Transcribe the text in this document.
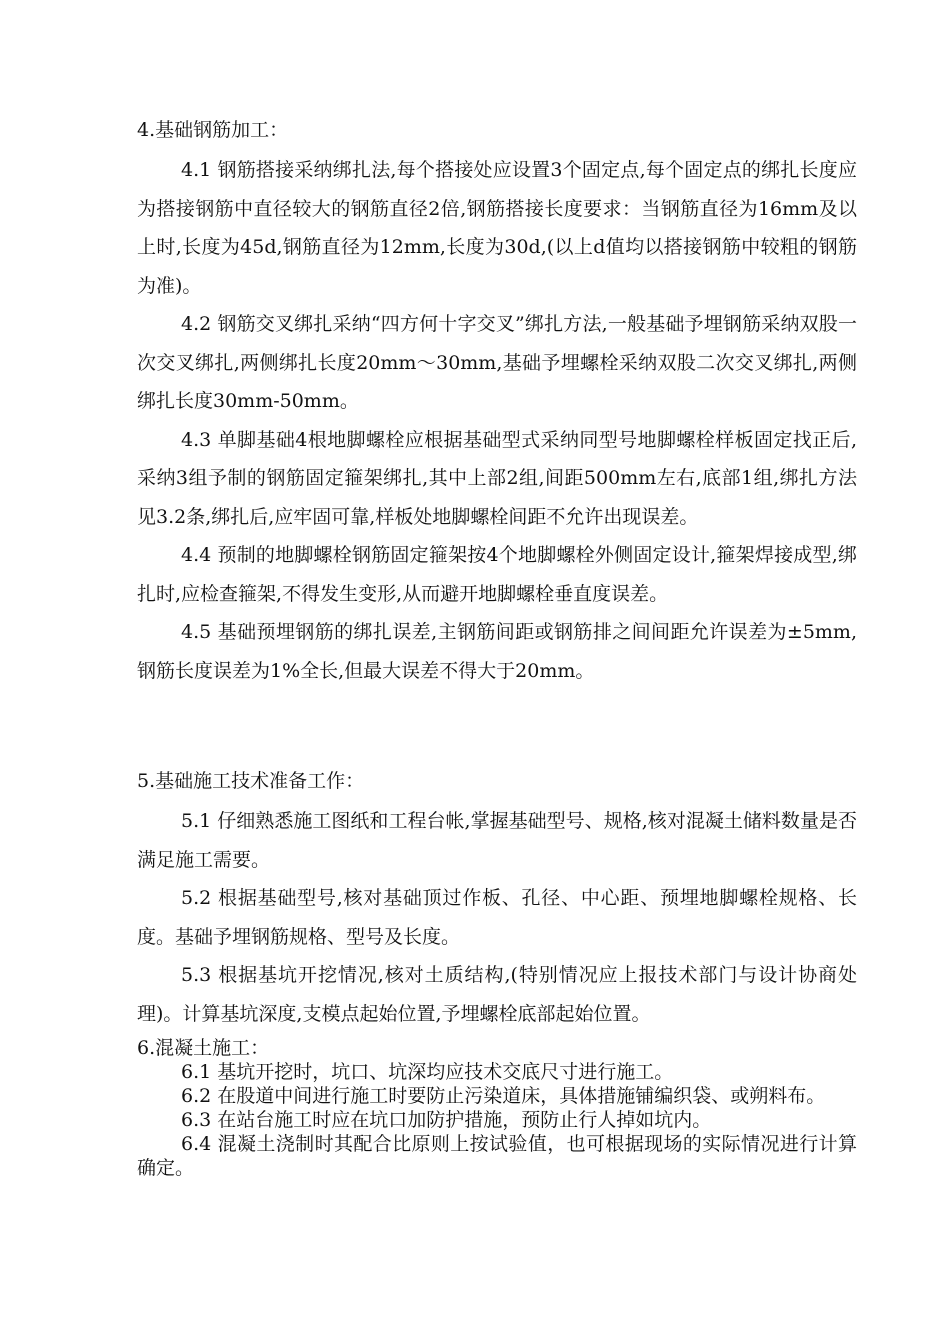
4.基础钢筋加工：

4.1 钢筋搭接采纳绑扎法,每个搭接处应设置3个固定点,每个固定点的绑扎长度应为搭接钢筋中直径较大的钢筋直径2倍,钢筋搭接长度要求：当钢筋直径为16mm及以上时,长度为45d,钢筋直径为12mm,长度为30d,(以上d值均以搭接钢筋中较粗的钢筋为准)。

4.2 钢筋交叉绑扎采纳“四方何十字交叉”绑扎方法,一般基础予埋钢筋采纳双股一次交叉绑扎,两侧绑扎长度20mm～30mm,基础予埋螺栓采纳双股二次交叉绑扎,两侧绑扎长度30mm-50mm。

4.3 单脚基础4根地脚螺栓应根据基础型式采纳同型号地脚螺栓样板固定找正后,采纳3组予制的钢筋固定箍架绑扎,其中上部2组,间距500mm左右,底部1组,绑扎方法见3.2条,绑扎后,应牢固可靠,样板处地脚螺栓间距不允许出现误差。

4.4 预制的地脚螺栓钢筋固定箍架按4个地脚螺栓外侧固定设计,箍架焊接成型,绑扎时,应检查箍架,不得发生变形,从而避开地脚螺栓垂直度误差。

4.5 基础预埋钢筋的绑扎误差,主钢筋间距或钢筋排之间间距允许误差为±5mm,钢筋长度误差为1%全长,但最大误差不得大于20mm。

5.基础施工技术准备工作：

5.1 仔细熟悉施工图纸和工程台帐,掌握基础型号、规格,核对混凝土储料数量是否满足施工需要。

5.2 根据基础型号,核对基础顶过作板、孔径、中心距、预埋地脚螺栓规格、长度。基础予埋钢筋规格、型号及长度。

5.3 根据基坑开挖情况,核对土质结构,(特别情况应上报技术部门与设计协商处理)。计算基坑深度,支模点起始位置,予埋螺栓底部起始位置。

6.混凝土施工：

6.1 基坑开挖时，坑口、坑深均应技术交底尺寸进行施工。

6.2 在股道中间进行施工时要防止污染道床，具体措施铺编织袋、或朔料布。

6.3 在站台施工时应在坑口加防护措施，预防止行人掉如坑内。

6.4 混凝土浇制时其配合比原则上按试验值，也可根据现场的实际情况进行计算确定。
